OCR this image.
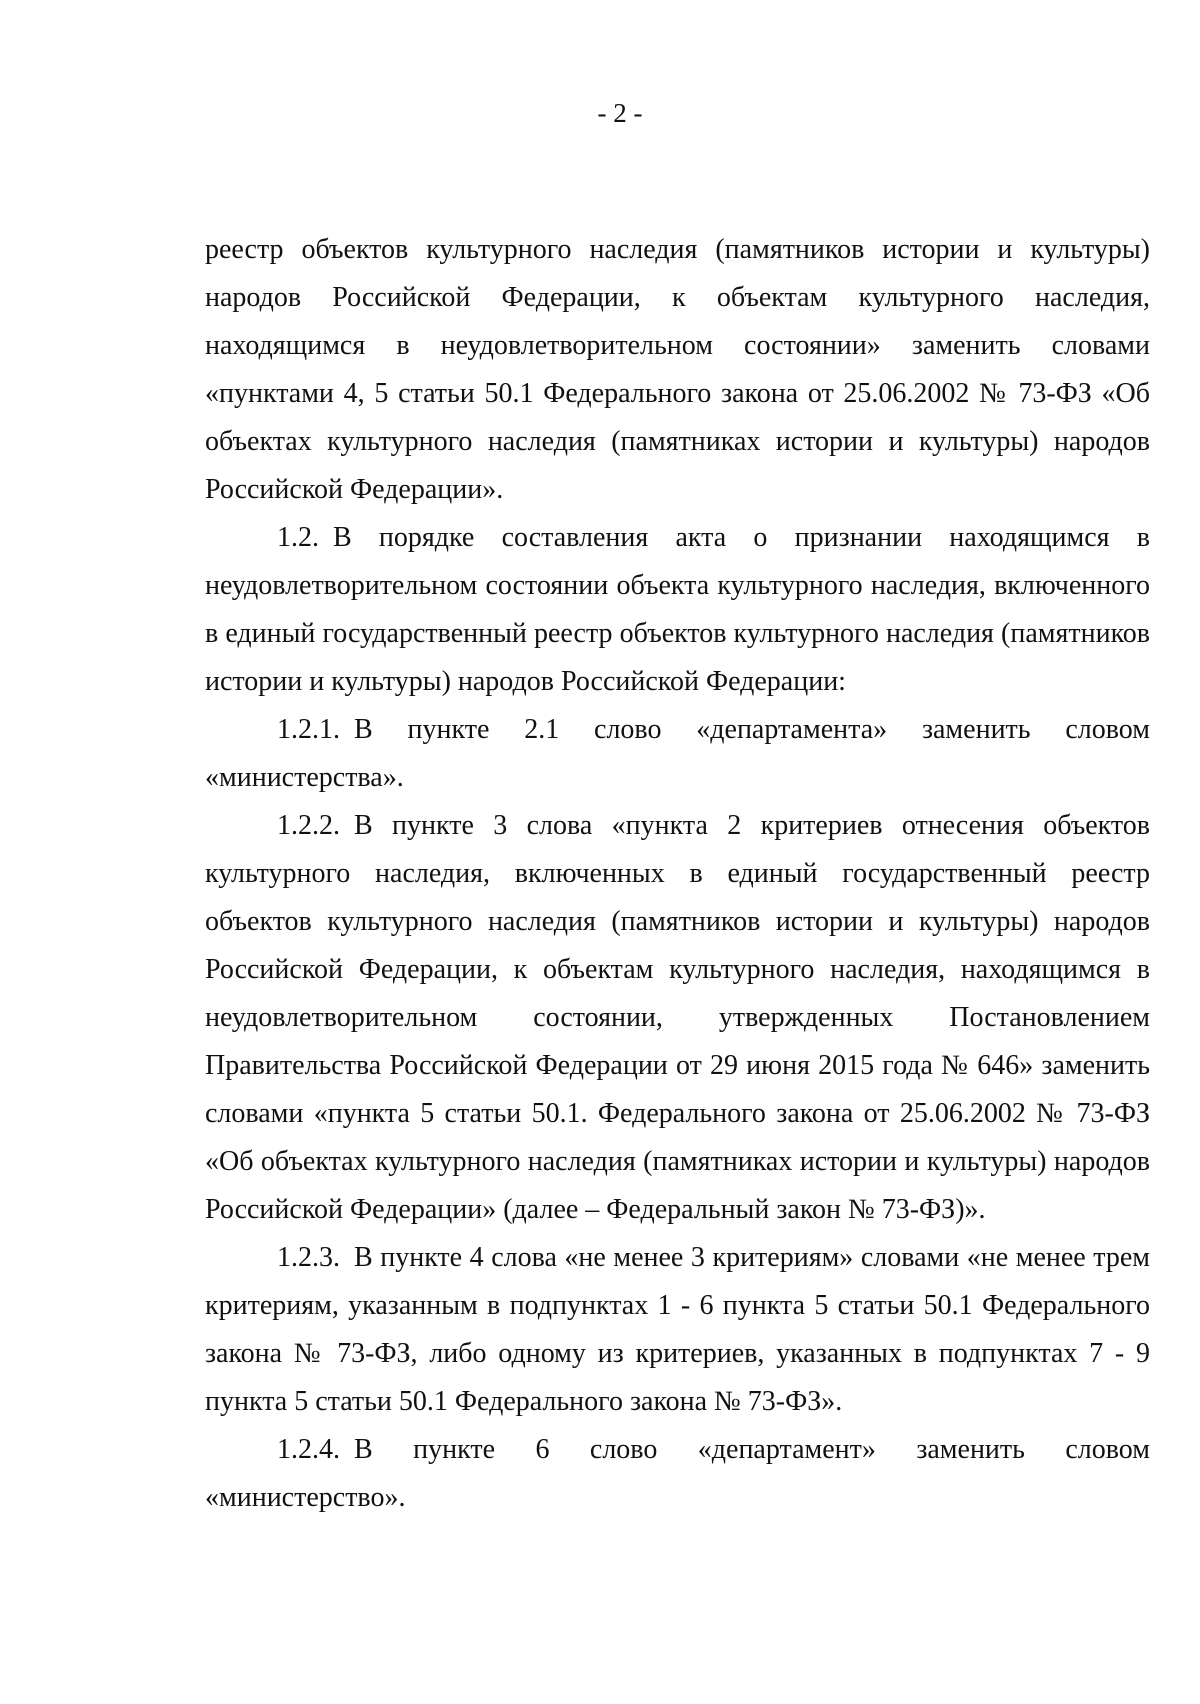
- 2 -

реестр объектов культурного наследия (памятников истории и культуры) народов Российской Федерации, к объектам культурного наследия, находящимся в неудовлетворительном состоянии» заменить словами «пунктами 4, 5 статьи 50.1 Федерального закона от 25.06.2002 № 73-ФЗ «Об объектах культурного наследия (памятниках истории и культуры) народов Российской Федерации».

1.2. В порядке составления акта о признании находящимся в неудовлетворительном состоянии объекта культурного наследия, включенного в единый государственный реестр объектов культурного наследия (памятников истории и культуры) народов Российской Федерации:

1.2.1. В пункте 2.1 слово «департамента» заменить словом «министерства».

1.2.2. В пункте 3 слова «пункта 2 критериев отнесения объектов культурного наследия, включенных в единый государственный реестр объектов культурного наследия (памятников истории и культуры) народов Российской Федерации, к объектам культурного наследия, находящимся в неудовлетворительном состоянии, утвержденных Постановлением Правительства Российской Федерации от 29 июня 2015 года № 646» заменить словами «пункта 5 статьи 50.1. Федерального закона от 25.06.2002 № 73-ФЗ «Об объектах культурного наследия (памятниках истории и культуры) народов Российской Федерации» (далее – Федеральный закон № 73-ФЗ)».

1.2.3. В пункте 4 слова «не менее 3 критериям» словами «не менее трем критериям, указанным в подпунктах 1 - 6 пункта 5 статьи 50.1 Федерального закона № 73-ФЗ, либо одному из критериев, указанных в подпунктах 7 - 9 пункта 5 статьи 50.1 Федерального закона № 73-ФЗ».

1.2.4. В пункте 6 слово «департамент» заменить словом «министерство».
